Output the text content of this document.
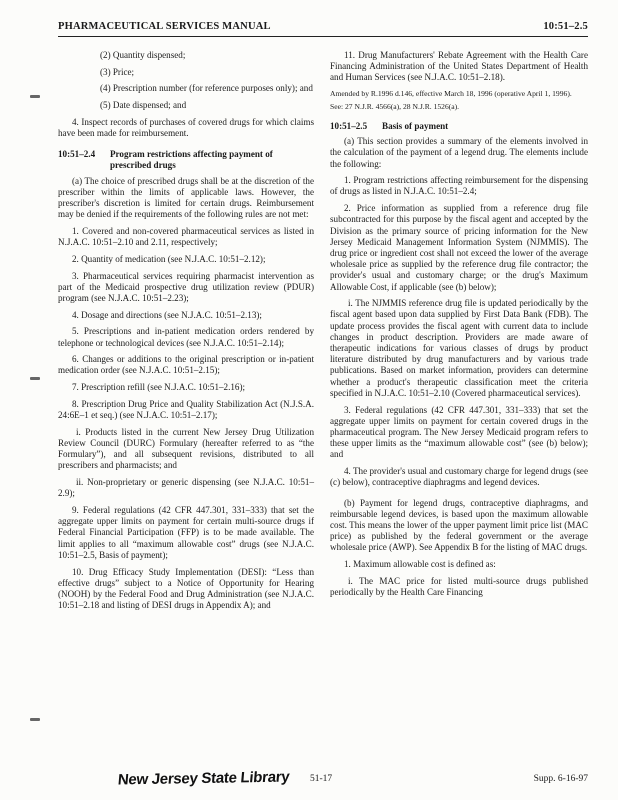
PHARMACEUTICAL SERVICES MANUAL	10:51–2.5

(2) Quantity dispensed;

(3) Price;

(4) Prescription number (for reference purposes only); and

(5) Date dispensed; and

4. Inspect records of purchases of covered drugs for which claims have been made for reimbursement.

10:51–2.4 Program restrictions affecting payment of
prescribed drugs

(a) The choice of prescribed drugs shall be at the discretion of the prescriber within the limits of applicable laws. However, the prescriber's discretion is limited for certain drugs. Reimbursement may be denied if the requirements of the following rules are not met:

1. Covered and non-covered pharmaceutical services as listed in N.J.A.C. 10:51–2.10 and 2.11, respectively;

2. Quantity of medication (see N.J.A.C. 10:51–2.12);

3. Pharmaceutical services requiring pharmacist intervention as part of the Medicaid prospective drug utilization review (PDUR) program (see N.J.A.C. 10:51–2.23);

4. Dosage and directions (see N.J.A.C. 10:51–2.13);

5. Prescriptions and in-patient medication orders rendered by telephone or technological devices (see N.J.A.C. 10:51–2.14);

6. Changes or additions to the original prescription or in-patient medication order (see N.J.A.C. 10:51–2.15);

7. Prescription refill (see N.J.A.C. 10:51–2.16);

8. Prescription Drug Price and Quality Stabilization Act (N.J.S.A. 24:6E–1 et seq.) (see N.J.A.C. 10:51–2.17);

i. Products listed in the current New Jersey Drug Utilization Review Council (DURC) Formulary (hereafter referred to as “the Formulary”), and all subsequent revisions, distributed to all prescribers and pharmacists; and

ii. Non-proprietary or generic dispensing (see N.J.A.C. 10:51–2.9);

9. Federal regulations (42 CFR 447.301, 331–333) that set the aggregate upper limits on payment for certain multi-source drugs if Federal Financial Participation (FFP) is to be made available. The limit applies to all “maximum allowable cost” drugs (see N.J.A.C. 10:51–2.5, Basis of payment);

10. Drug Efficacy Study Implementation (DESI): “Less than effective drugs” subject to a Notice of Opportunity for Hearing (NOOH) by the Federal Food and Drug Administration (see N.J.A.C. 10:51–2.18 and listing of DESI drugs in Appendix A); and

11. Drug Manufacturers' Rebate Agreement with the Health Care Financing Administration of the United States Department of Health and Human Services (see N.J.A.C. 10:51–2.18).

Amended by R.1996 d.146, effective March 18, 1996 (operative April 1, 1996).

See: 27 N.J.R. 4566(a), 28 N.J.R. 1526(a).

10:51–2.5 Basis of payment

(a) This section provides a summary of the elements involved in the calculation of the payment of a legend drug. The elements include the following:

1. Program restrictions affecting reimbursement for the dispensing of drugs as listed in N.J.A.C. 10:51–2.4;

2. Price information as supplied from a reference drug file subcontracted for this purpose by the fiscal agent and accepted by the Division as the primary source of pricing information for the New Jersey Medicaid Management Information System (NJMMIS). The drug price or ingredient cost shall not exceed the lower of the average wholesale price as supplied by the reference drug file contractor; the provider's usual and customary charge; or the drug's Maximum Allowable Cost, if applicable (see (b) below);

i. The NJMMIS reference drug file is updated periodically by the fiscal agent based upon data supplied by First Data Bank (FDB). The update process provides the fiscal agent with current data to include changes in product description. Providers are made aware of therapeutic indications for various classes of drugs by product literature distributed by drug manufacturers and by various trade publications. Based on market information, providers can determine whether a product's therapeutic classification meet the criteria specified in N.J.A.C. 10:51–2.10 (Covered pharmaceutical services).

3. Federal regulations (42 CFR 447.301, 331–333) that set the aggregate upper limits on payment for certain covered drugs in the pharmaceutical program. The New Jersey Medicaid program refers to these upper limits as the “maximum allowable cost” (see (b) below); and

4. The provider's usual and customary charge for legend drugs (see (c) below), contraceptive diaphragms and legend devices.

(b) Payment for legend drugs, contraceptive diaphragms, and reimbursable legend devices, is based upon the maximum allowable cost. This means the lower of the upper payment limit price list (MAC price) as published by the federal government or the average wholesale price (AWP). See Appendix B for the listing of MAC drugs.

1. Maximum allowable cost is defined as:

i. The MAC price for listed multi-source drugs published periodically by the Health Care Financing

New Jersey State Library 51-17	Supp. 6-16-97
